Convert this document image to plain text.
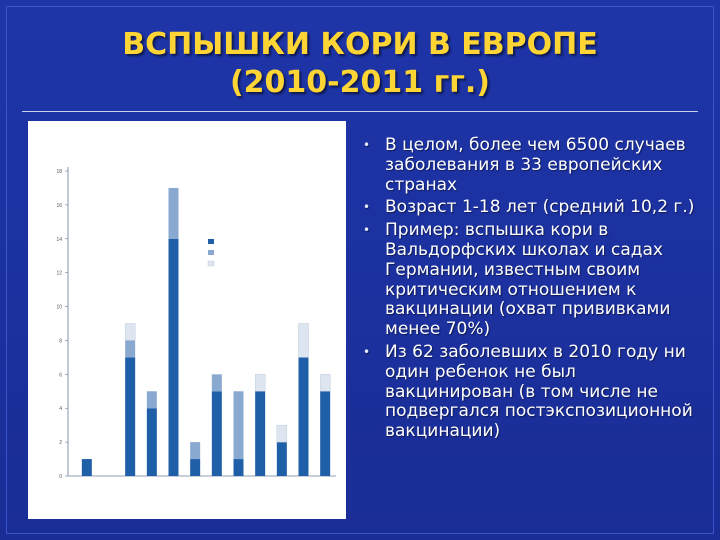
ВСПЫШКИ КОРИ В ЕВРОПЕ
(2010-2011 гг.)
0
2
4
6
8
10
12
14
16
18
• В целом, более чем 6500 случаев заболевания в 33 европейских странах
• Возраст 1-18 лет (средний 10,2 г.)
• Пример: вспышка кори в Вальдорфских школах и садах Германии, известным своим критическим отношением к вакцинации (охват прививками менее 70%)
• Из 62 заболевших в 2010 году ни один ребенок не был вакцинирован (в том числе не подвергался постэкспозиционной вакцинации)
